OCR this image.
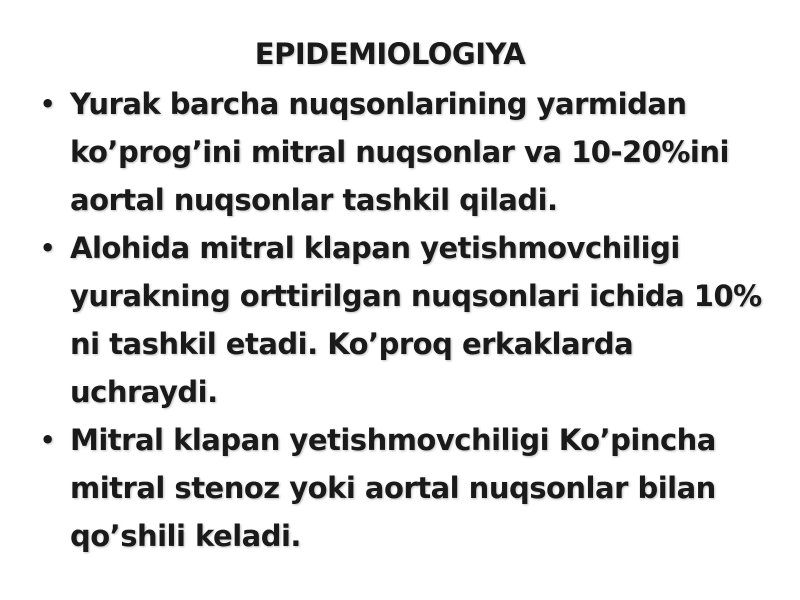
EPIDEMIOLOGIYA
• Yurak barcha nuqsonlarining yarmidan ko’prog’ini mitral nuqsonlar va 10-20%ini aortal nuqsonlar tashkil qiladi.
• Alohida mitral klapan yetishmovchiligi yurakning orttirilgan nuqsonlari ichida 10% ni tashkil etadi. Ko’proq erkaklarda uchraydi.
• Mitral klapan yetishmovchiligi Ko’pincha mitral stenoz yoki aortal nuqsonlar bilan qo’shili keladi.
